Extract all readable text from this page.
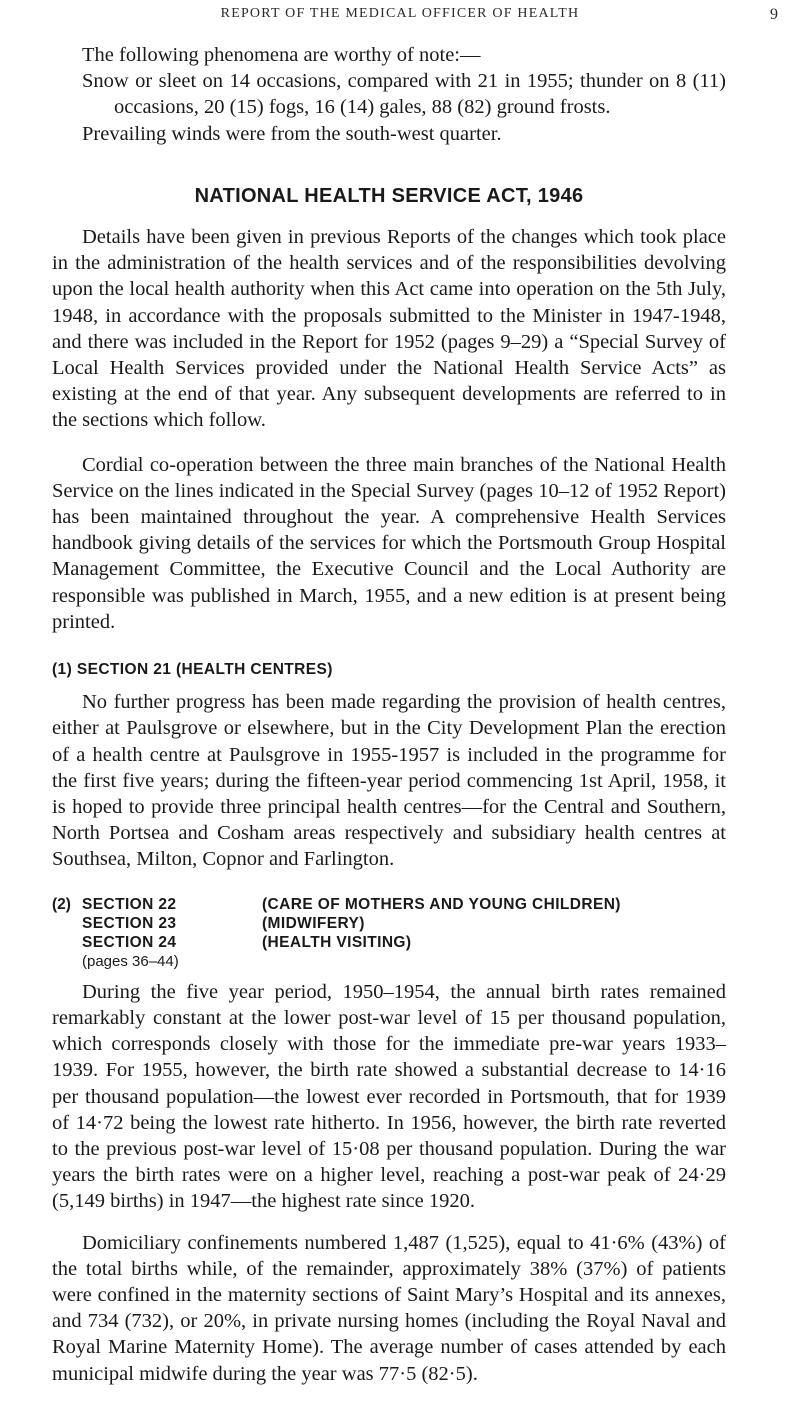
REPORT OF THE MEDICAL OFFICER OF HEALTH	9

The following phenomena are worthy of note:—

Snow or sleet on 14 occasions, compared with 21 in 1955; thunder on 8 (11) occasions, 20 (15) fogs, 16 (14) gales, 88 (82) ground frosts.

Prevailing winds were from the south-west quarter.

NATIONAL HEALTH SERVICE ACT, 1946

Details have been given in previous Reports of the changes which took place in the administration of the health services and of the responsibilities devolving upon the local health authority when this Act came into operation on the 5th July, 1948, in accordance with the proposals submitted to the Minister in 1947-1948, and there was included in the Report for 1952 (pages 9–29) a “Special Survey of Local Health Services provided under the National Health Service Acts” as existing at the end of that year. Any subsequent developments are referred to in the sections which follow.

Cordial co-operation between the three main branches of the National Health Service on the lines indicated in the Special Survey (pages 10–12 of 1952 Report) has been maintained throughout the year. A comprehensive Health Services handbook giving details of the services for which the Portsmouth Group Hospital Management Committee, the Executive Council and the Local Authority are responsible was published in March, 1955, and a new edition is at present being printed.

(1) SECTION 21 (HEALTH CENTRES)

No further progress has been made regarding the provision of health centres, either at Paulsgrove or elsewhere, but in the City Development Plan the erection of a health centre at Paulsgrove in 1955-1957 is included in the programme for the first five years; during the fifteen-year period commencing 1st April, 1958, it is hoped to provide three principal health centres—for the Central and Southern, North Portsea and Cosham areas respectively and subsidiary health centres at Southsea, Milton, Copnor and Farlington.

(2) SECTION 22	(CARE OF MOTHERS AND YOUNG CHILDREN)
SECTION 23	(MIDWIFERY)
SECTION 24	(HEALTH VISITING)
(pages 36–44)

During the five year period, 1950–1954, the annual birth rates remained remarkably constant at the lower post-war level of 15 per thousand population, which corresponds closely with those for the immediate pre-war years 1933–1939. For 1955, however, the birth rate showed a substantial decrease to 14·16 per thousand population—the lowest ever recorded in Portsmouth, that for 1939 of 14·72 being the lowest rate hitherto. In 1956, however, the birth rate reverted to the previous post-war level of 15·08 per thousand population. During the war years the birth rates were on a higher level, reaching a post-war peak of 24·29 (5,149 births) in 1947—the highest rate since 1920.

Domiciliary confinements numbered 1,487 (1,525), equal to 41·6% (43%) of the total births while, of the remainder, approximately 38% (37%) of patients were confined in the maternity sections of Saint Mary’s Hospital and its annexes, and 734 (732), or 20%, in private nursing homes (including the Royal Naval and Royal Marine Maternity Home). The average number of cases attended by each municipal midwife during the year was 77·5 (82·5).
